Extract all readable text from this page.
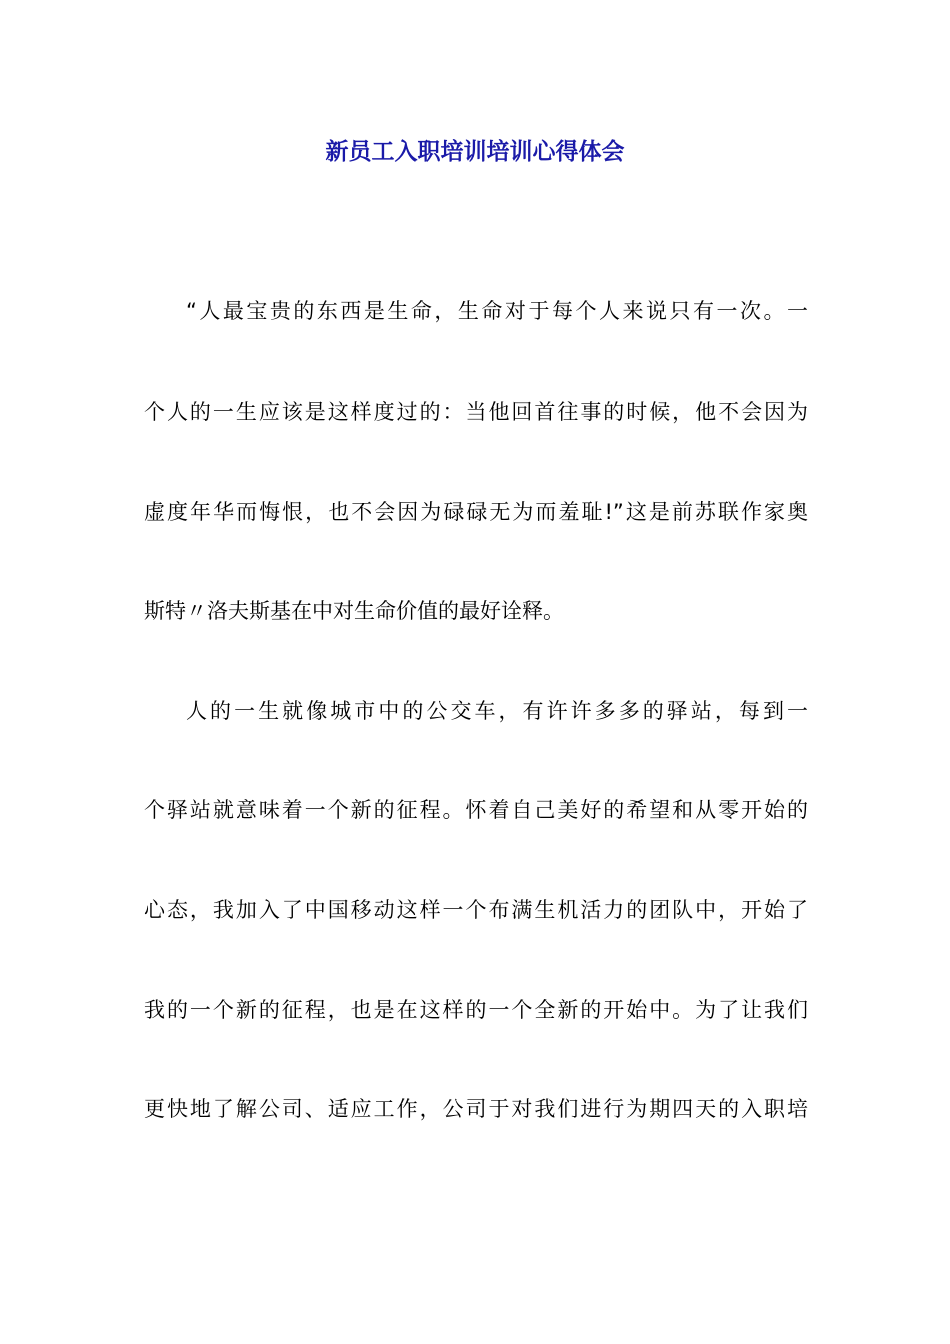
新员工入职培训培训心得体会

“人最宝贵的东西是生命，生命对于每个人来说只有一次。一

个人的一生应该是这样度过的：当他回首往事的时候，他不会因为

虚度年华而悔恨，也不会因为碌碌无为而羞耻!”这是前苏联作家奥

斯特〃洛夫斯基在中对生命价值的最好诠释。

人的一生就像城市中的公交车，有许许多多的驿站，每到一

个驿站就意味着一个新的征程。怀着自己美好的希望和从零开始的

心态，我加入了中国移动这样一个布满生机活力的团队中，开始了

我的一个新的征程，也是在这样的一个全新的开始中。为了让我们

更快地了解公司、适应工作，公司于对我们进行为期四天的入职培
